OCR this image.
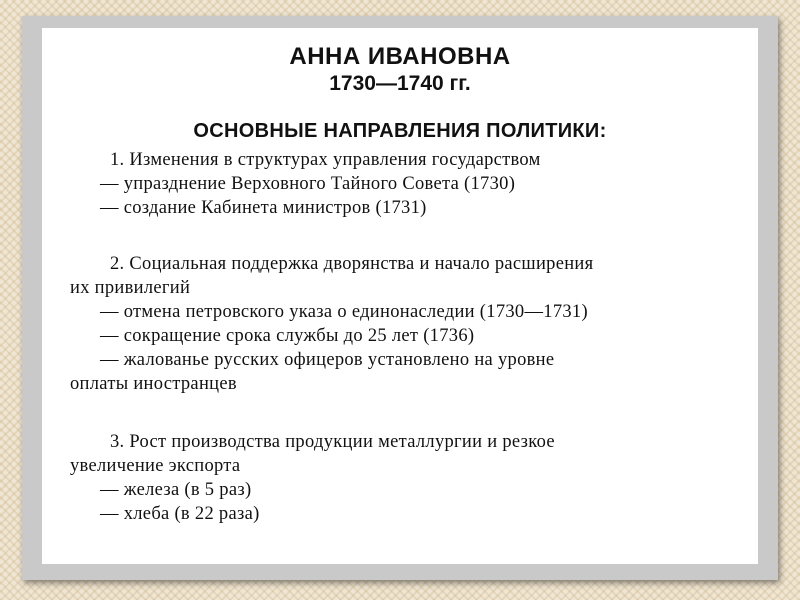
АННА ИВАНОВНА
1730—1740 гг.
ОСНОВНЫЕ НАПРАВЛЕНИЯ ПОЛИТИКИ:
1. Изменения в структурах управления государством
— упразднение Верховного Тайного Совета (1730)
— создание Кабинета министров (1731)
2. Социальная поддержка дворянства и начало расширения
их привилегий
— отмена петровского указа о единонаследии (1730—1731)
— сокращение срока службы до 25 лет (1736)
— жалованье русских офицеров установлено на уровне
оплаты иностранцев
3. Рост производства продукции металлургии и резкое
увеличение экспорта
— железа (в 5 раз)
— хлеба (в 22 раза)
